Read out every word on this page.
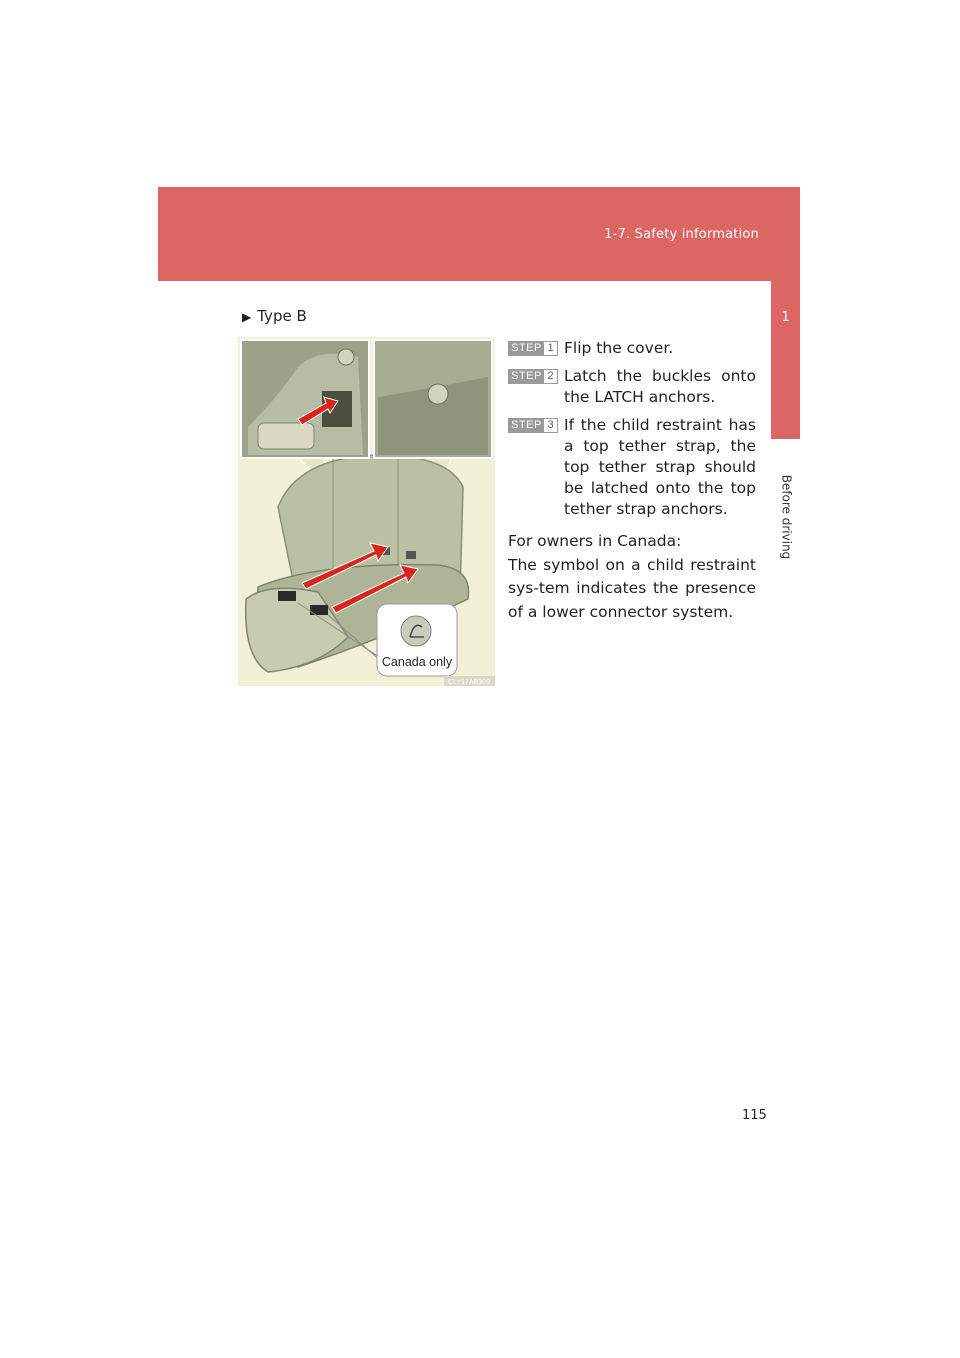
1-7. Safety information
1
Before driving
▶ Type B
Canada only
CLY17AB309
STEP 1 Flip the cover.
STEP 2 Latch the buckles onto the LATCH anchors.
STEP 3 If the child restraint has a top tether strap, the top tether strap should be latched onto the top tether strap anchors.

For owners in Canada:

The symbol on a child restraint sys-tem indicates the presence of a lower connector system.

115
